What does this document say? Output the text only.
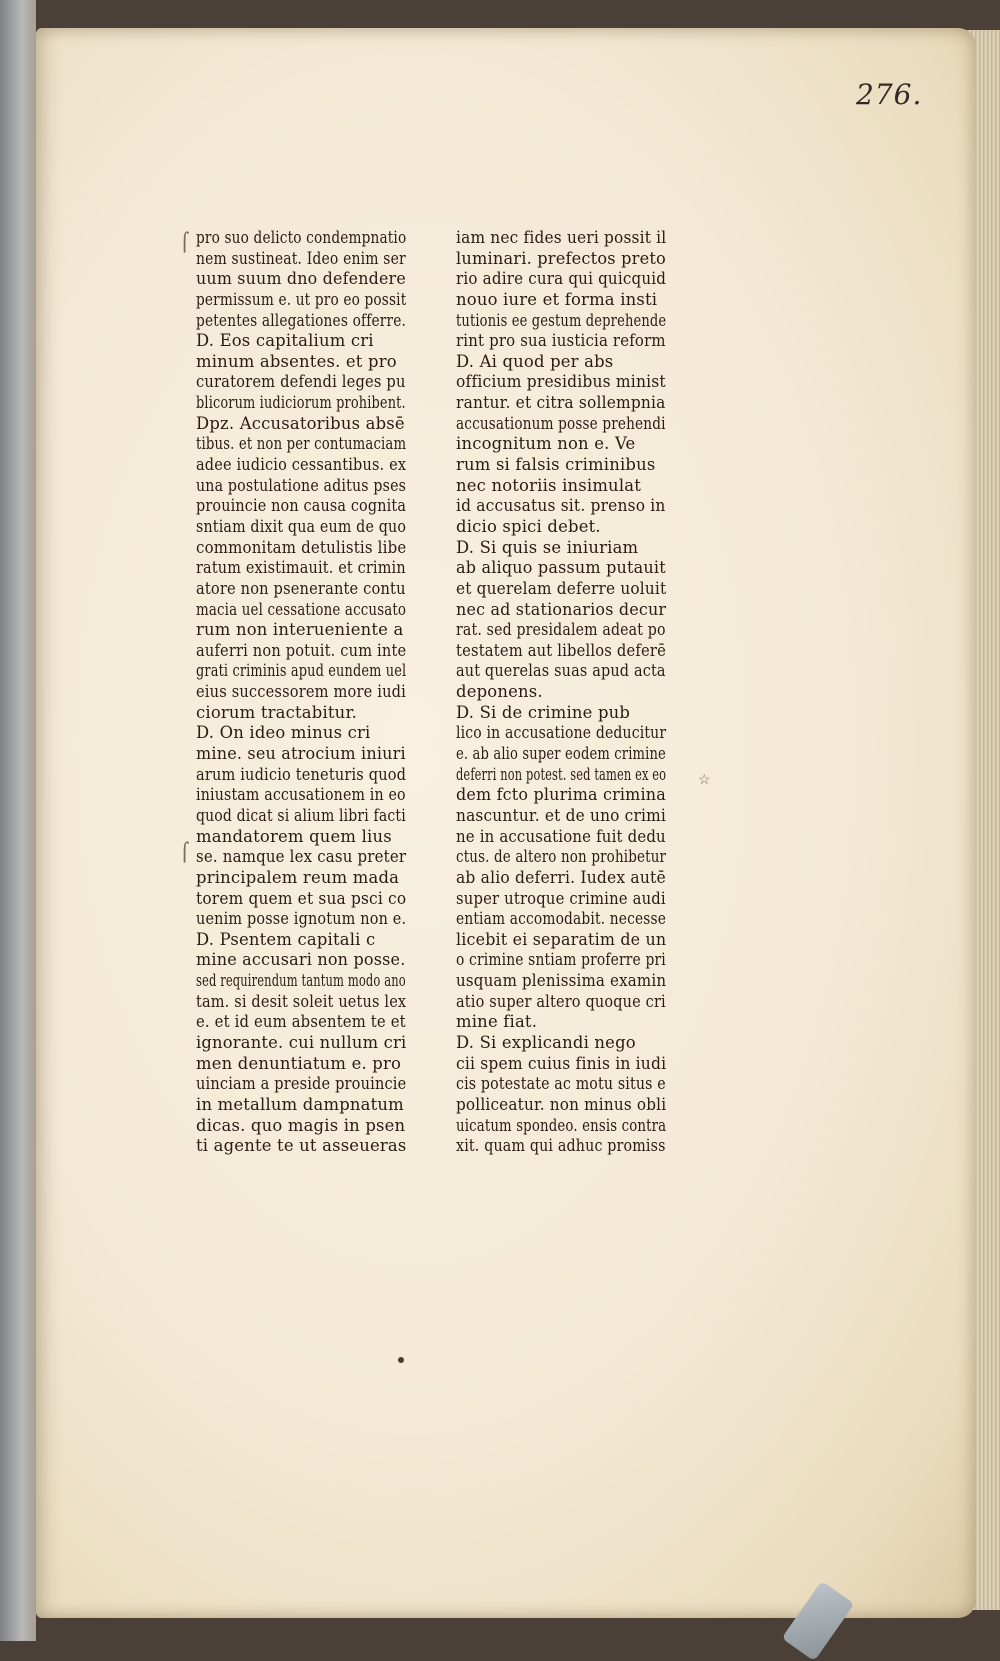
276.
⌠
⌠
☆
pro suo delicto condempnatio
nem sustineat. Ideo enim ser
uum suum dno defendere
permissum e. ut pro eo possit
petentes allegationes offerre.
D. Eos capitalium cri
minum absentes. et pro
curatorem defendi leges pu
blicorum iudiciorum prohibent.
Dpz. Accusatoribus absē
tibus. et non per contumaciam
adee iudicio cessantibus. ex
una postulatione aditus pses
prouincie non causa cognita
sntiam dixit qua eum de quo
commonitam detulistis libe
ratum existimauit. et crimin
atore non psenerante contu
macia uel cessatione accusato
rum non interueniente a
auferri non potuit. cum inte
grati criminis apud eundem uel
eius successorem more iudi
ciorum tractabitur.
D. On ideo minus cri
mine. seu atrocium iniuri
arum iudicio teneturis quod
iniustam accusationem in eo
quod dicat si alium libri facti
mandatorem quem lius
se. namque lex casu preter
principalem reum mada
torem quem et sua psci co
uenim posse ignotum non e.
D. Psentem capitali c
mine accusari non posse.
sed requirendum tantum modo ano
tam. si desit soleit uetus lex
e. et id eum absentem te et
ignorante. cui nullum cri
men denuntiatum e. pro
uinciam a preside prouincie
in metallum dampnatum
dicas. quo magis in psen
ti agente te ut asseueras
iam nec fides ueri possit il
luminari. prefectos preto
rio adire cura qui quicquid
nouo iure et forma insti
tutionis ee gestum deprehende
rint pro sua iusticia reform
D. Ai quod per abs
officium presidibus minist
rantur. et citra sollempnia
accusationum posse prehendi
incognitum non e. Ve
rum si falsis criminibus
nec notoriis insimulat
id accusatus sit. prenso in
dicio spici debet.
D. Si quis se iniuriam
ab aliquo passum putauit
et querelam deferre uoluit
nec ad stationarios decur
rat. sed presidalem adeat po
testatem aut libellos deferē
aut querelas suas apud acta
deponens.
D. Si de crimine pub
lico in accusatione deducitur
e. ab alio super eodem crimine
deferri non potest. sed tamen ex eo
dem fcto plurima crimina
nascuntur. et de uno crimi
ne in accusatione fuit dedu
ctus. de altero non prohibetur
ab alio deferri. Iudex autē
super utroque crimine audi
entiam accomodabit. necesse
licebit ei separatim de un
o crimine sntiam proferre pri
usquam plenissima examin
atio super altero quoque cri
mine fiat.
D. Si explicandi nego
cii spem cuius finis in iudi
cis potestate ac motu situs e
polliceatur. non minus obli
uicatum spondeo. ensis contra
xit. quam qui adhuc promiss
